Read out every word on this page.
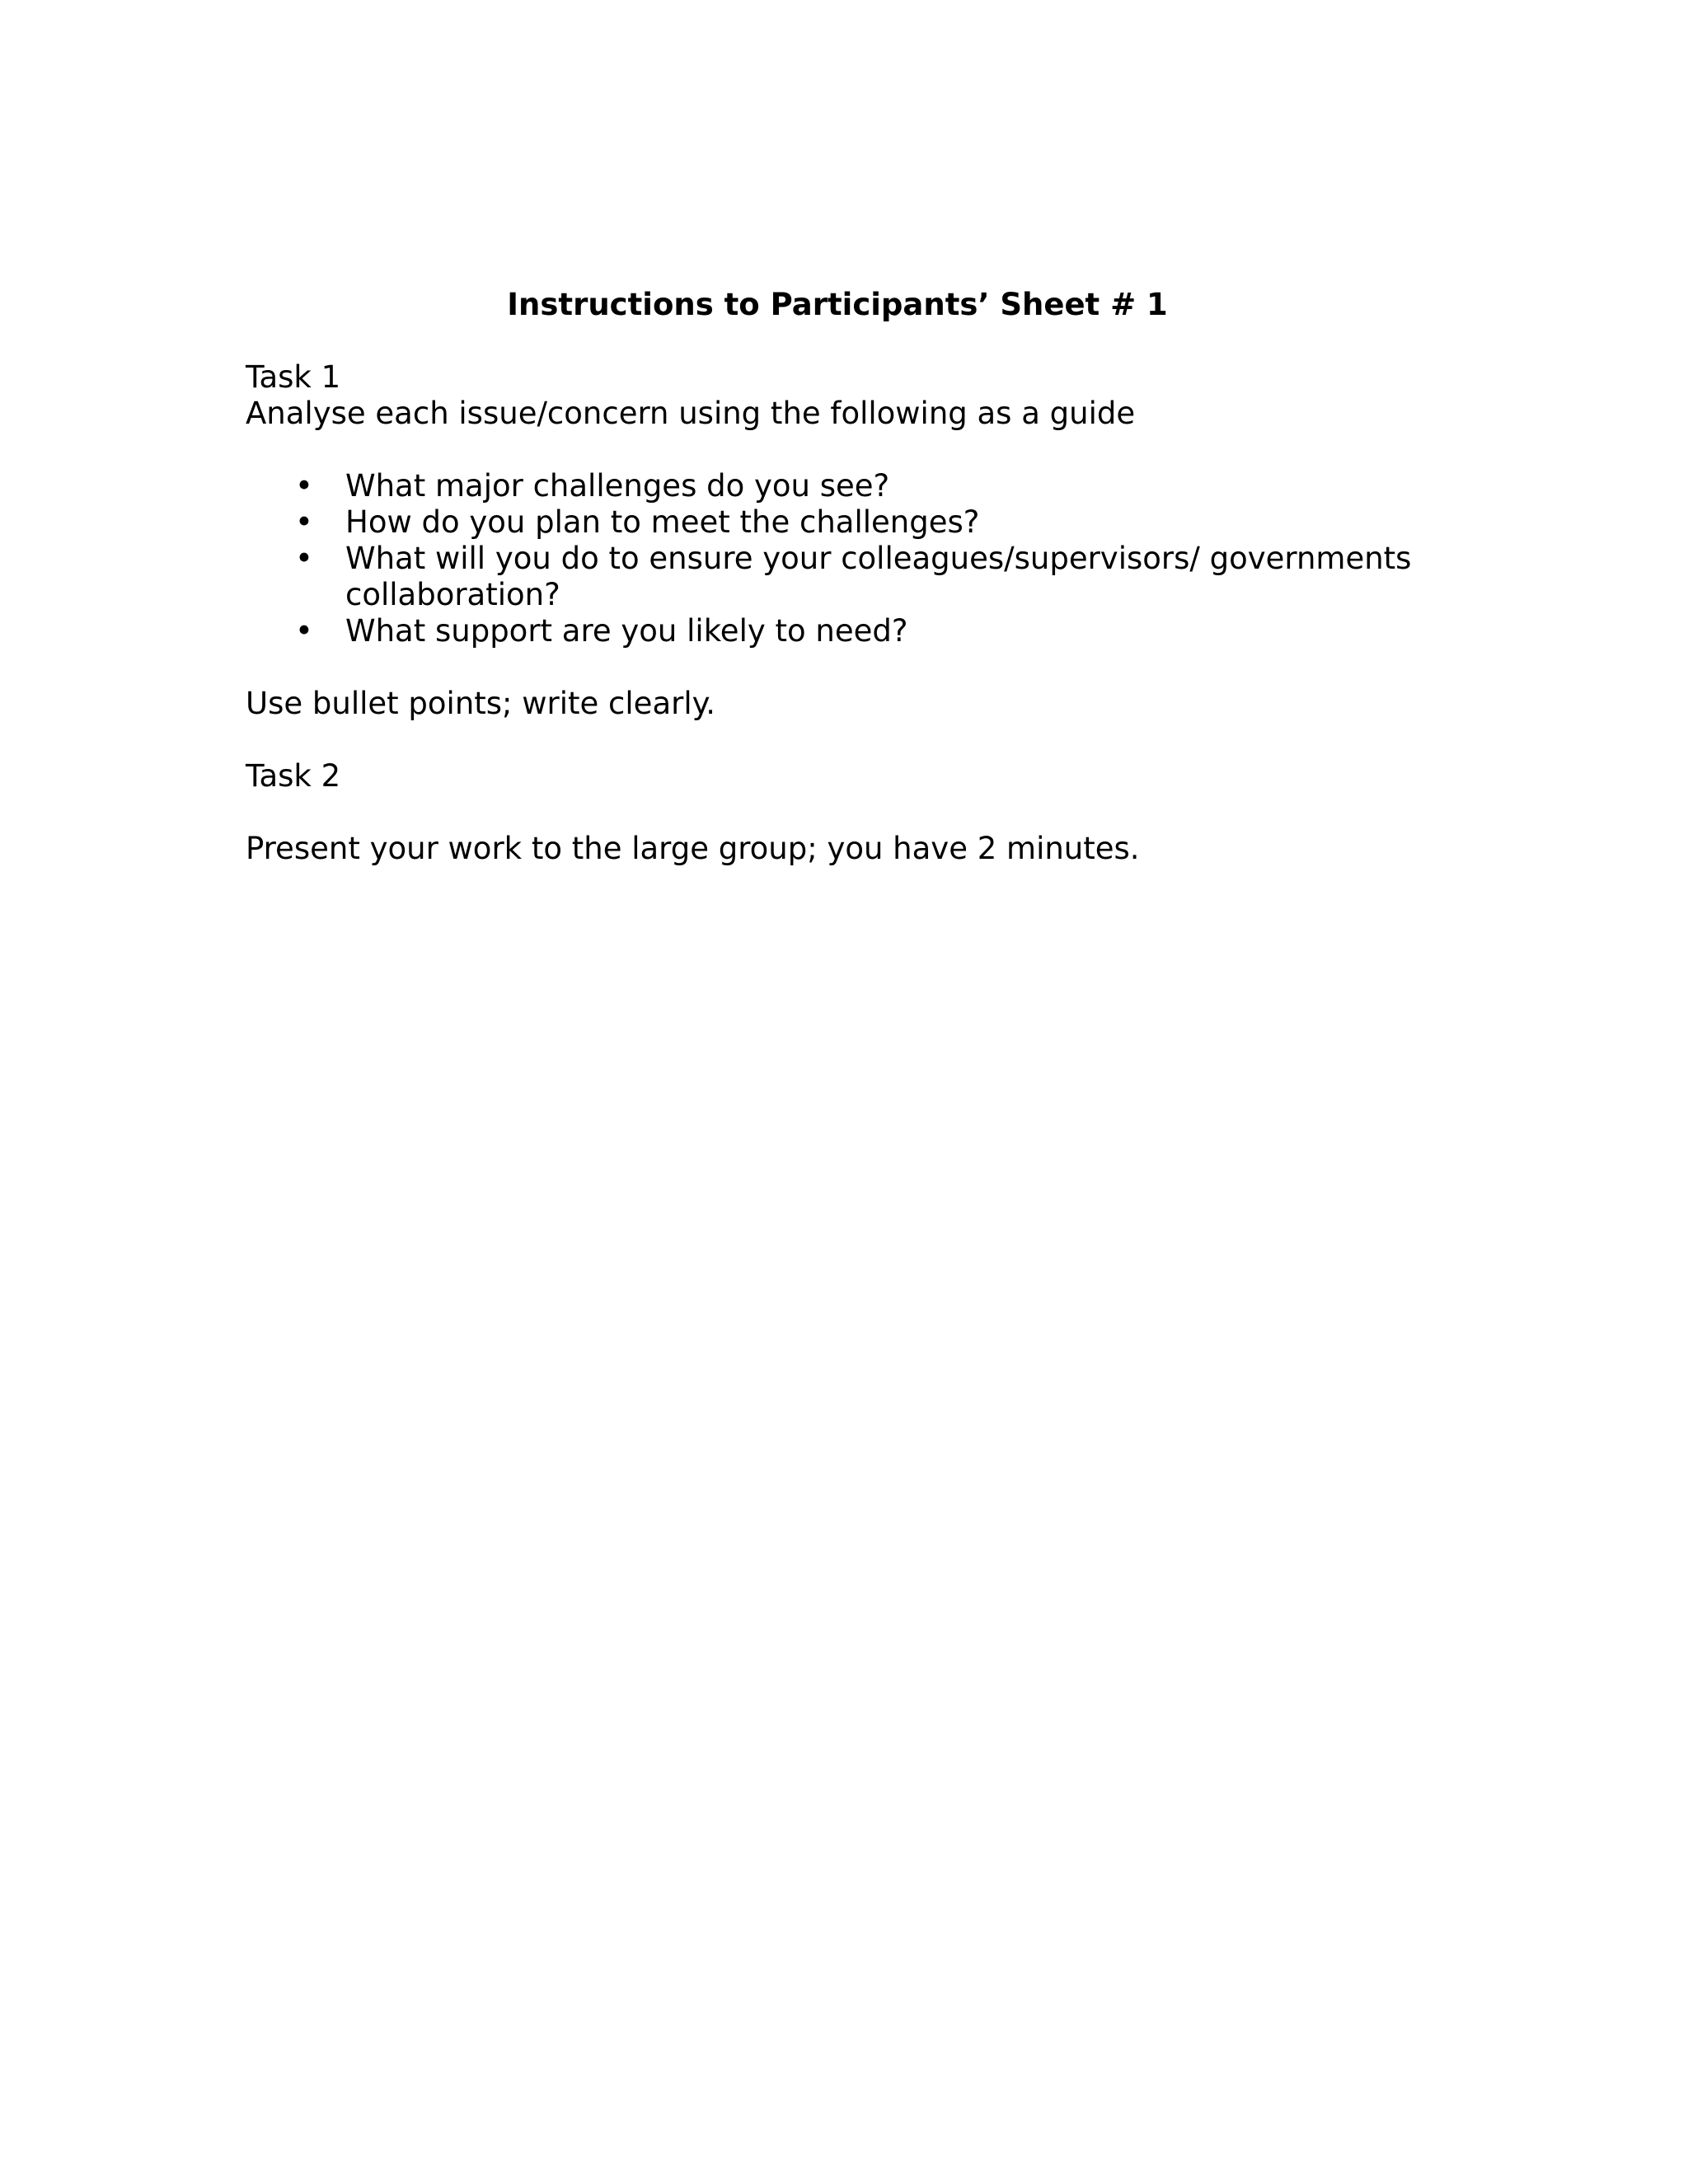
Instructions to Participants’ Sheet # 1
Task 1
Analyse each issue/concern using the following as a guide
• What major challenges do you see?
• How do you plan to meet the challenges?
• What will you do to ensure your colleagues/supervisors/ governments collaboration?
• What support are you likely to need?
Use bullet points; write clearly.
Task 2
Present your work to the large group; you have 2 minutes.
